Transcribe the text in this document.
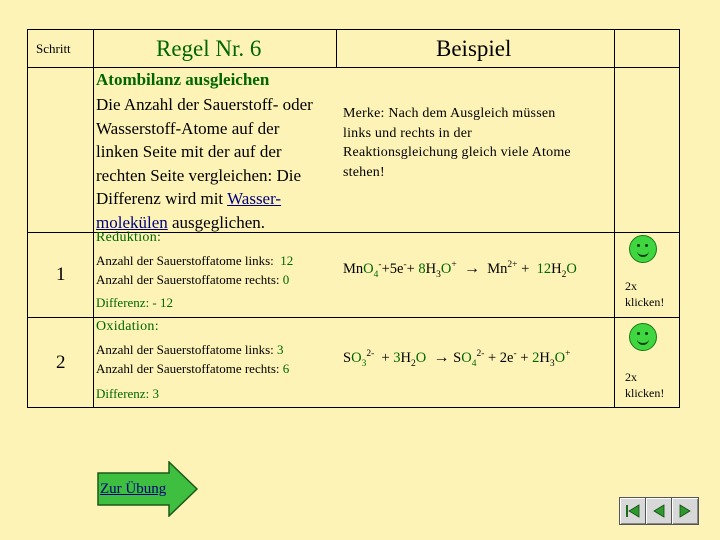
Schritt	Regel Nr. 6	Beispiel
Atombilanz ausgleichen
Die Anzahl der Sauerstoff- oder
Wasserstoff-Atome auf der
linken Seite mit der auf der
rechten Seite vergleichen: Die
Differenz wird mit Wasser-
molekülen ausgeglichen.
Merke: Nach dem Ausgleich müssen
links und rechts in der
Reaktionsgleichung gleich viele Atome
stehen!
1
Reduktion:
Anzahl der Sauerstoffatome links: 12
Anzahl der Sauerstoffatome rechts: 0
Differenz: - 12
$MnO_4^-+5e^-+ 8H_3O^+ \to Mn^{2+} + 12H_2O$
2x
klicken!
2
Oxidation:
Anzahl der Sauerstoffatome links: 3
Anzahl der Sauerstoffatome rechts: 6
Differenz: 3
$SO_3^{2-} + 3H_2O \to SO_4^{2-} + 2e^- + 2H_3O^+$
2x
klicken!
Zur Übung
